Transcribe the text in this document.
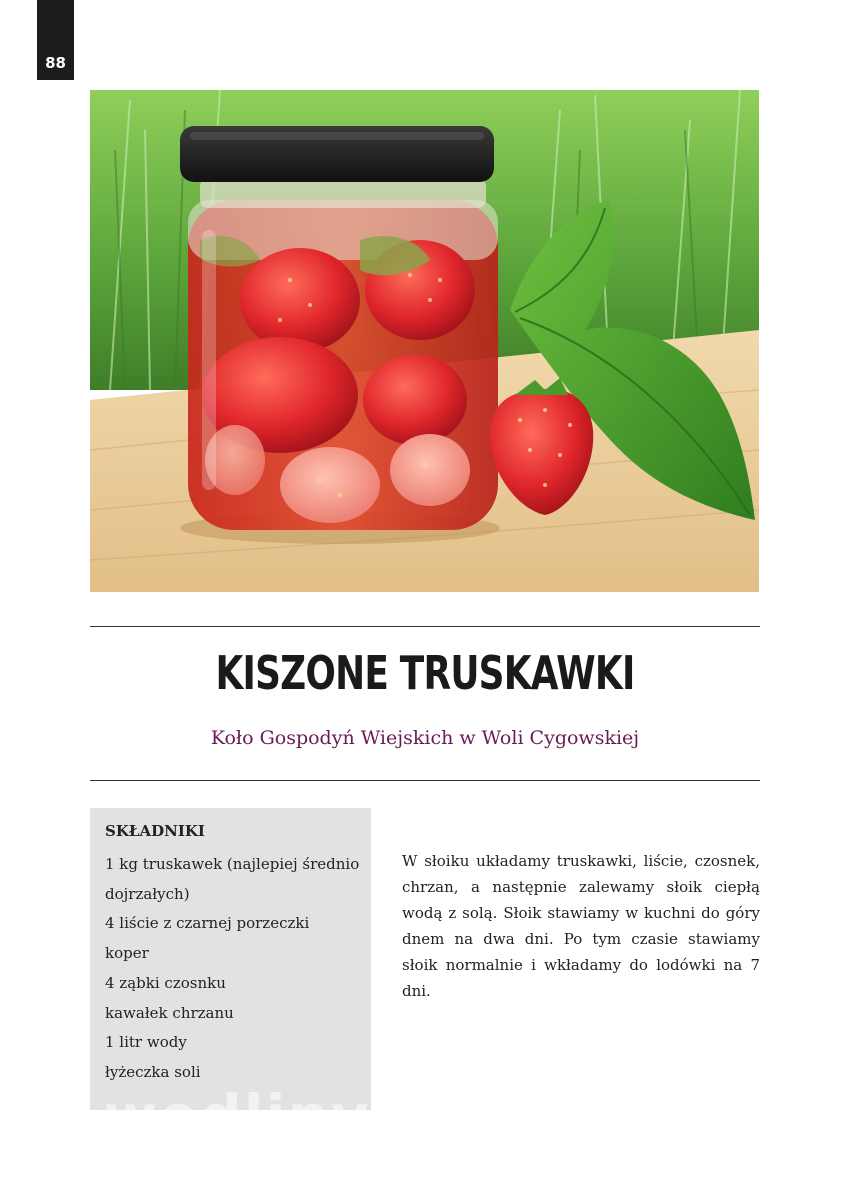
88
KISZONE TRUSKAWKI
Koło Gospodyń Wiejskich w Woli Cygowskiej
SKŁADNIKI
1 kg truskawek (najlepiej średnio
dojrzałych)
4 liście z czarnej porzeczki
koper
4 ząbki czosnku
kawałek chrzanu
1 litr wody
łyżeczka soli

W słoiku układamy truskawki, liście, czosnek, chrzan, a następnie zalewamy słoik ciepłą wodą z solą. Słoik stawiamy w kuchni do góry dnem na dwa dni. Po tym czasie stawiamy słoik normalnie i wkładamy do lodówki na 7 dni.

wedlinydomowe.pl
